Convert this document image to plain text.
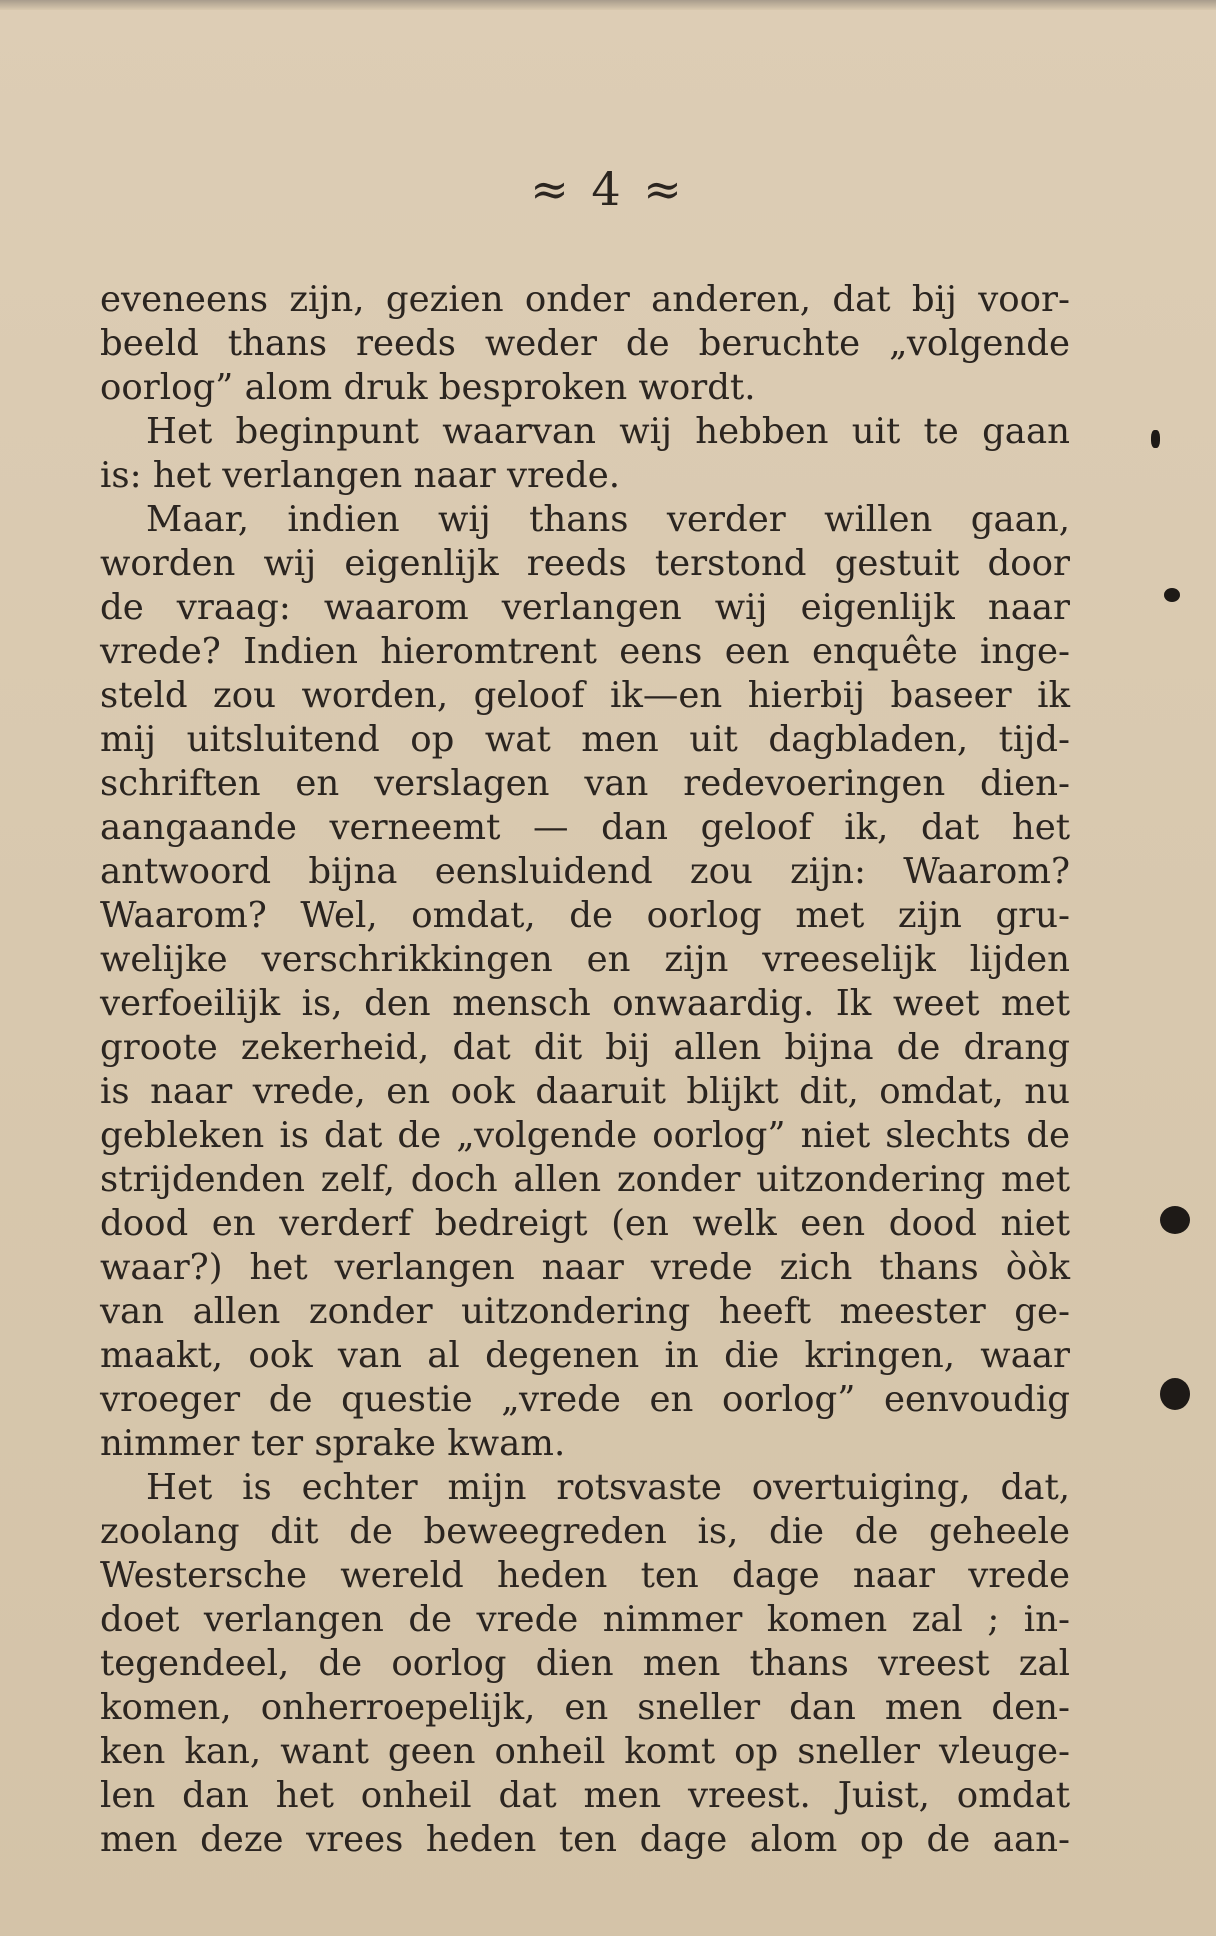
≈ 4 ≈
eveneens zijn, gezien onder anderen, dat bij voor-
beeld thans reeds weder de beruchte „volgende
oorlog” alom druk besproken wordt.
Het beginpunt waarvan wij hebben uit te gaan
is: het verlangen naar vrede.
Maar, indien wij thans verder willen gaan,
worden wij eigenlijk reeds terstond gestuit door
de vraag: waarom verlangen wij eigenlijk naar
vrede? Indien hieromtrent eens een enquête inge-
steld zou worden, geloof ik—en hierbij baseer ik
mij uitsluitend op wat men uit dagbladen, tijd-
schriften en verslagen van redevoeringen dien-
aangaande verneemt — dan geloof ik, dat het
antwoord bijna eensluidend zou zijn: Waarom?
Waarom? Wel, omdat, de oorlog met zijn gru-
welijke verschrikkingen en zijn vreeselijk lijden
verfoeilijk is, den mensch onwaardig. Ik weet met
groote zekerheid, dat dit bij allen bijna de drang
is naar vrede, en ook daaruit blijkt dit, omdat, nu
gebleken is dat de „volgende oorlog” niet slechts de
strijdenden zelf, doch allen zonder uitzondering met
dood en verderf bedreigt (en welk een dood niet
waar?) het verlangen naar vrede zich thans òòk
van allen zonder uitzondering heeft meester ge-
maakt, ook van al degenen in die kringen, waar
vroeger de questie „vrede en oorlog” eenvoudig
nimmer ter sprake kwam.
Het is echter mijn rotsvaste overtuiging, dat,
zoolang dit de beweegreden is, die de geheele
Westersche wereld heden ten dage naar vrede
doet verlangen de vrede nimmer komen zal ; in-
tegendeel, de oorlog dien men thans vreest zal
komen, onherroepelijk, en sneller dan men den-
ken kan, want geen onheil komt op sneller vleuge-
len dan het onheil dat men vreest. Juist, omdat
men deze vrees heden ten dage alom op de aan-
